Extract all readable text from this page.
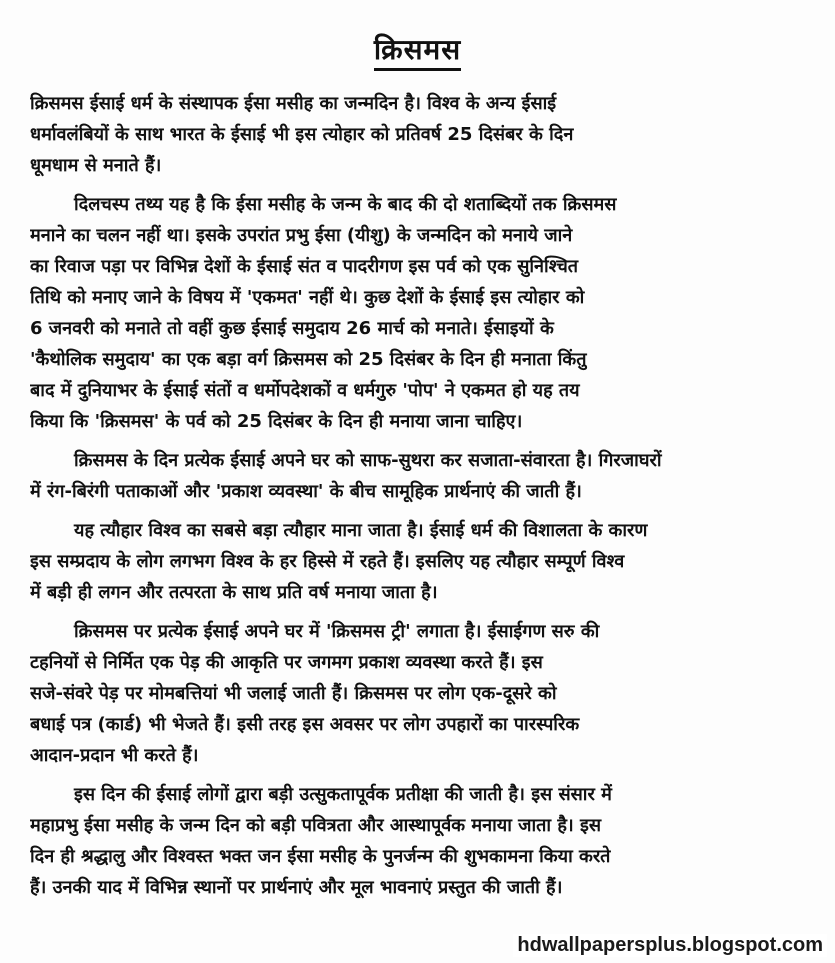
क्रिसमस
क्रिसमस ईसाई धर्म के संस्थापक ईसा मसीह का जन्मदिन है। विश्व के अन्य ईसाई
धर्मावलंबियों के साथ भारत के ईसाई भी इस त्योहार को प्रतिवर्ष 25 दिसंबर के दिन
धूमधाम से मनाते हैं।
दिलचस्प तथ्य यह है कि ईसा मसीह के जन्म के बाद की दो शताब्दियों तक क्रिसमस
मनाने का चलन नहीं था। इसके उपरांत प्रभु ईसा (यीशु) के जन्मदिन को मनाये जाने
का रिवाज पड़ा पर विभिन्न देशों के ईसाई संत व पादरीगण इस पर्व को एक सुनिश्चित
तिथि को मनाए जाने के विषय में 'एकमत' नहीं थे। कुछ देशों के ईसाई इस त्योहार को
6 जनवरी को मनाते तो वहीं कुछ ईसाई समुदाय 26 मार्च को मनाते। ईसाइयों के
'कैथोलिक समुदाय' का एक बड़ा वर्ग क्रिसमस को 25 दिसंबर के दिन ही मनाता किंतु
बाद में दुनियाभर के ईसाई संतों व धर्मोपदेशकों व धर्मगुरु 'पोप' ने एकमत हो यह तय
किया कि 'क्रिसमस' के पर्व को 25 दिसंबर के दिन ही मनाया जाना चाहिए।
क्रिसमस के दिन प्रत्येक ईसाई अपने घर को साफ-सुथरा कर सजाता-संवारता है। गिरजाघरों
में रंग-बिरंगी पताकाओं और 'प्रकाश व्यवस्था' के बीच सामूहिक प्रार्थनाएं की जाती हैं।
यह त्यौहार विश्व का सबसे बड़ा त्यौहार माना जाता है। ईसाई धर्म की विशालता के कारण
इस सम्प्रदाय के लोग लगभग विश्व के हर हिस्से में रहते हैं। इसलिए यह त्यौहार सम्पूर्ण विश्व
में बड़ी ही लगन और तत्परता के साथ प्रति वर्ष मनाया जाता है।
क्रिसमस पर प्रत्येक ईसाई अपने घर में 'क्रिसमस ट्री' लगाता है। ईसाईगण सरु की
टहनियों से निर्मित एक पेड़ की आकृति पर जगमग प्रकाश व्यवस्था करते हैं। इस
सजे-संवरे पेड़ पर मोमबत्तियां भी जलाई जाती हैं। क्रिसमस पर लोग एक-दूसरे को
बधाई पत्र (कार्ड) भी भेजते हैं। इसी तरह इस अवसर पर लोग उपहारों का पारस्परिक
आदान-प्रदान भी करते हैं।
इस दिन की ईसाई लोगों द्वारा बड़ी उत्सुकतापूर्वक प्रतीक्षा की जाती है। इस संसार में
महाप्रभु ईसा मसीह के जन्म दिन को बड़ी पवित्रता और आस्थापूर्वक मनाया जाता है। इस
दिन ही श्रद्धालु और विश्वस्त भक्त जन ईसा मसीह के पुनर्जन्म की शुभकामना किया करते
हैं। उनकी याद में विभिन्न स्थानों पर प्रार्थनाएं और मूल भावनाएं प्रस्तुत की जाती हैं।
hdwallpapersplus.blogspot.com
